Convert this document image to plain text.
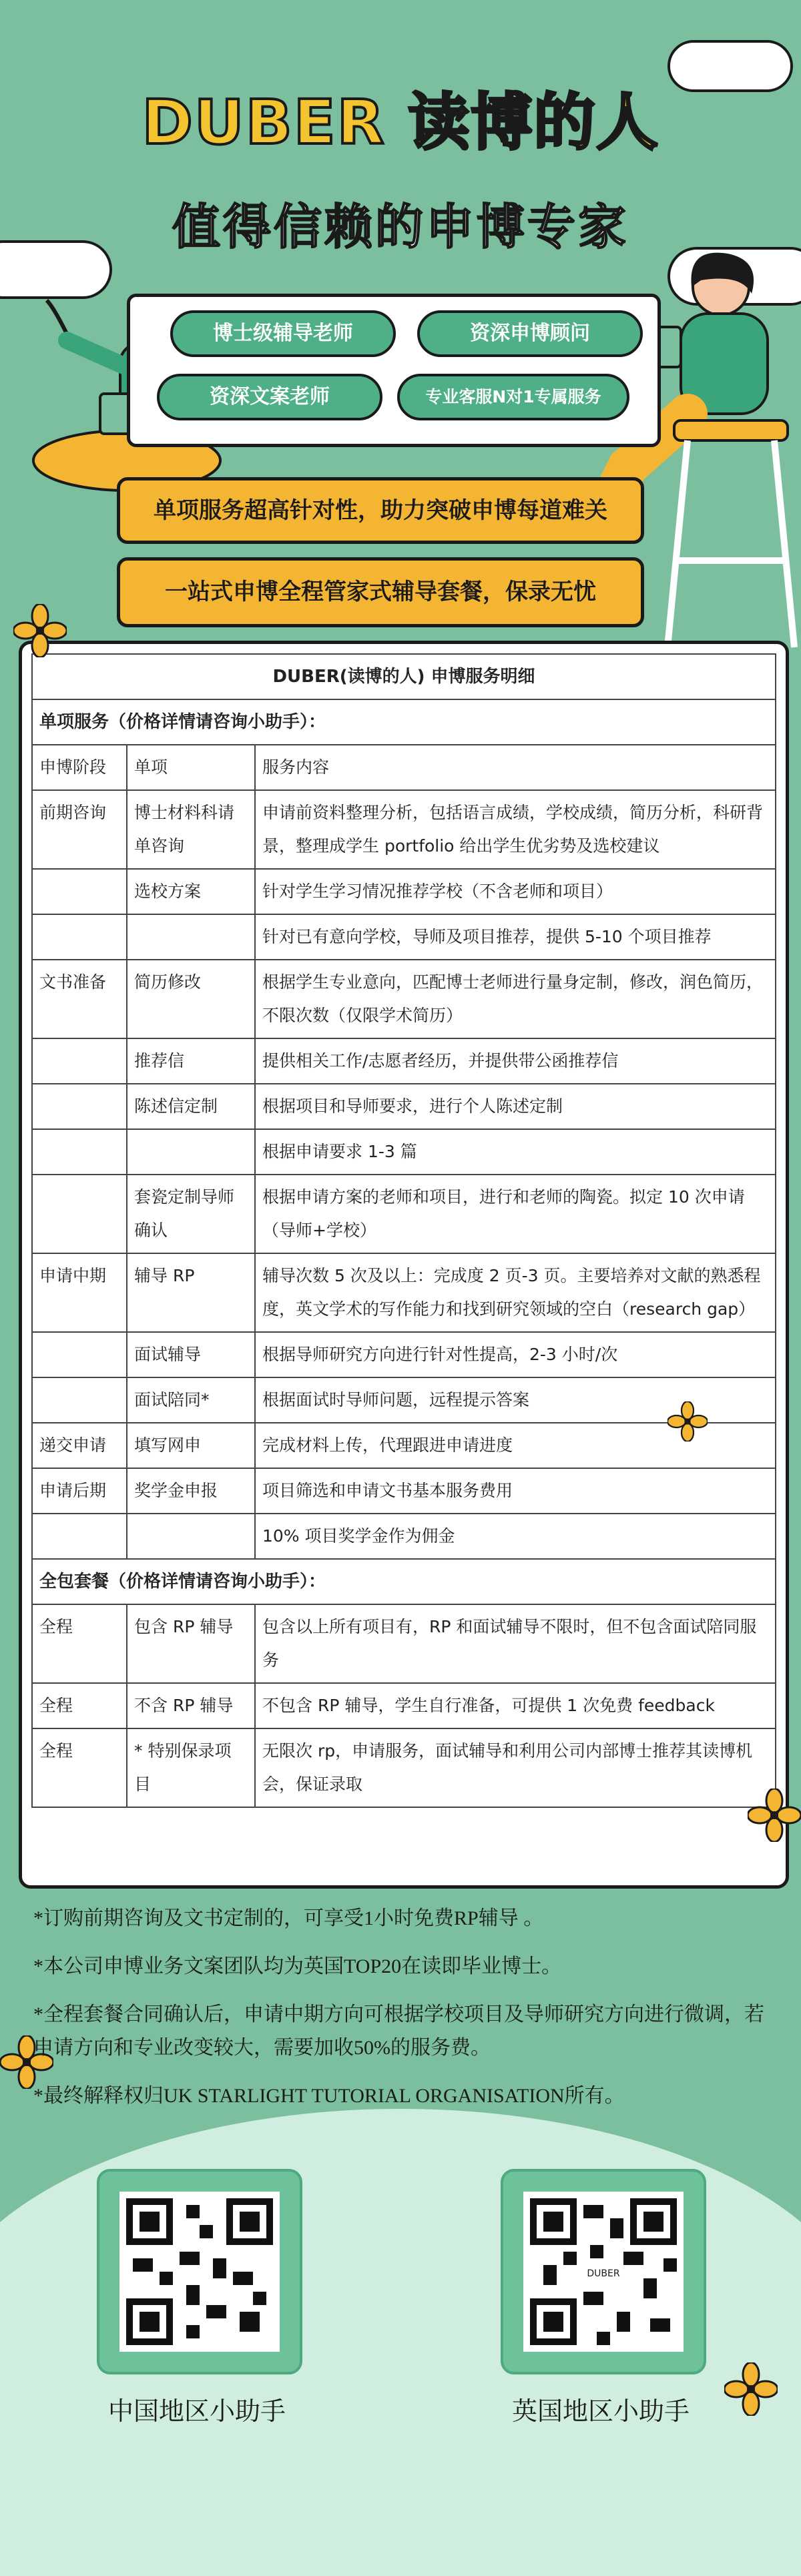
DUBER 读博的人
值得信赖的申博专家
博士级辅导老师	资深申博顾问
资深文案老师	专业客服N对1专属服务
单项服务超高针对性，助力突破申博每道难关
一站式申博全程管家式辅导套餐，保录无忧
DUBER(读博的人) 申博服务明细		
单项服务（价格详情请咨询小助手）：		
申博阶段	单项	服务内容
前期咨询	博士材料科请单咨询	申请前资料整理分析，包括语言成绩，学校成绩，简历分析，科研背景，整理成学生 portfolio 给出学生优劣势及选校建议
	选校方案	针对学生学习情况推荐学校（不含老师和项目）
		针对已有意向学校，导师及项目推荐，提供 5-10 个项目推荐
文书准备	简历修改	根据学生专业意向，匹配博士老师进行量身定制，修改，润色简历，不限次数（仅限学术简历）
	推荐信	提供相关工作/志愿者经历，并提供带公函推荐信
	陈述信定制	根据项目和导师要求，进行个人陈述定制
		根据申请要求 1-3 篇
	套瓷定制导师确认	根据申请方案的老师和项目，进行和老师的陶瓷。拟定 10 次申请（导师+学校）
申请中期	辅导 RP	辅导次数 5 次及以上：完成度 2 页-3 页。主要培养对文献的熟悉程度，英文学术的写作能力和找到研究领域的空白（research gap）
	面试辅导	根据导师研究方向进行针对性提高，2-3 小时/次
	面试陪同*	根据面试时导师问题，远程提示答案
递交申请	填写网申	完成材料上传，代理跟进申请进度
申请后期	奖学金申报	项目筛选和申请文书基本服务费用
		10% 项目奖学金作为佣金
全包套餐（价格详情请咨询小助手）：		
全程	包含 RP 辅导	包含以上所有项目有，RP 和面试辅导不限时，但不包含面试陪同服务
全程	不含 RP 辅导	不包含 RP 辅导，学生自行准备，可提供 1 次免费 feedback
全程	* 特别保录项目	无限次 rp，申请服务，面试辅导和利用公司内部博士推荐其读博机会，保证录取

*订购前期咨询及文书定制的，可享受1小时免费RP辅导 。

*本公司申博业务文案团队均为英国TOP20在读即毕业博士。

*全程套餐合同确认后，申请中期方向可根据学校项目及导师研究方向进行微调，若申请方向和专业改变较大，需要加收50%的服务费。

*最终解释权归UK STARLIGHT TUTORIAL ORGANISATION所有。

DUBER
中国地区小助手	英国地区小助手
